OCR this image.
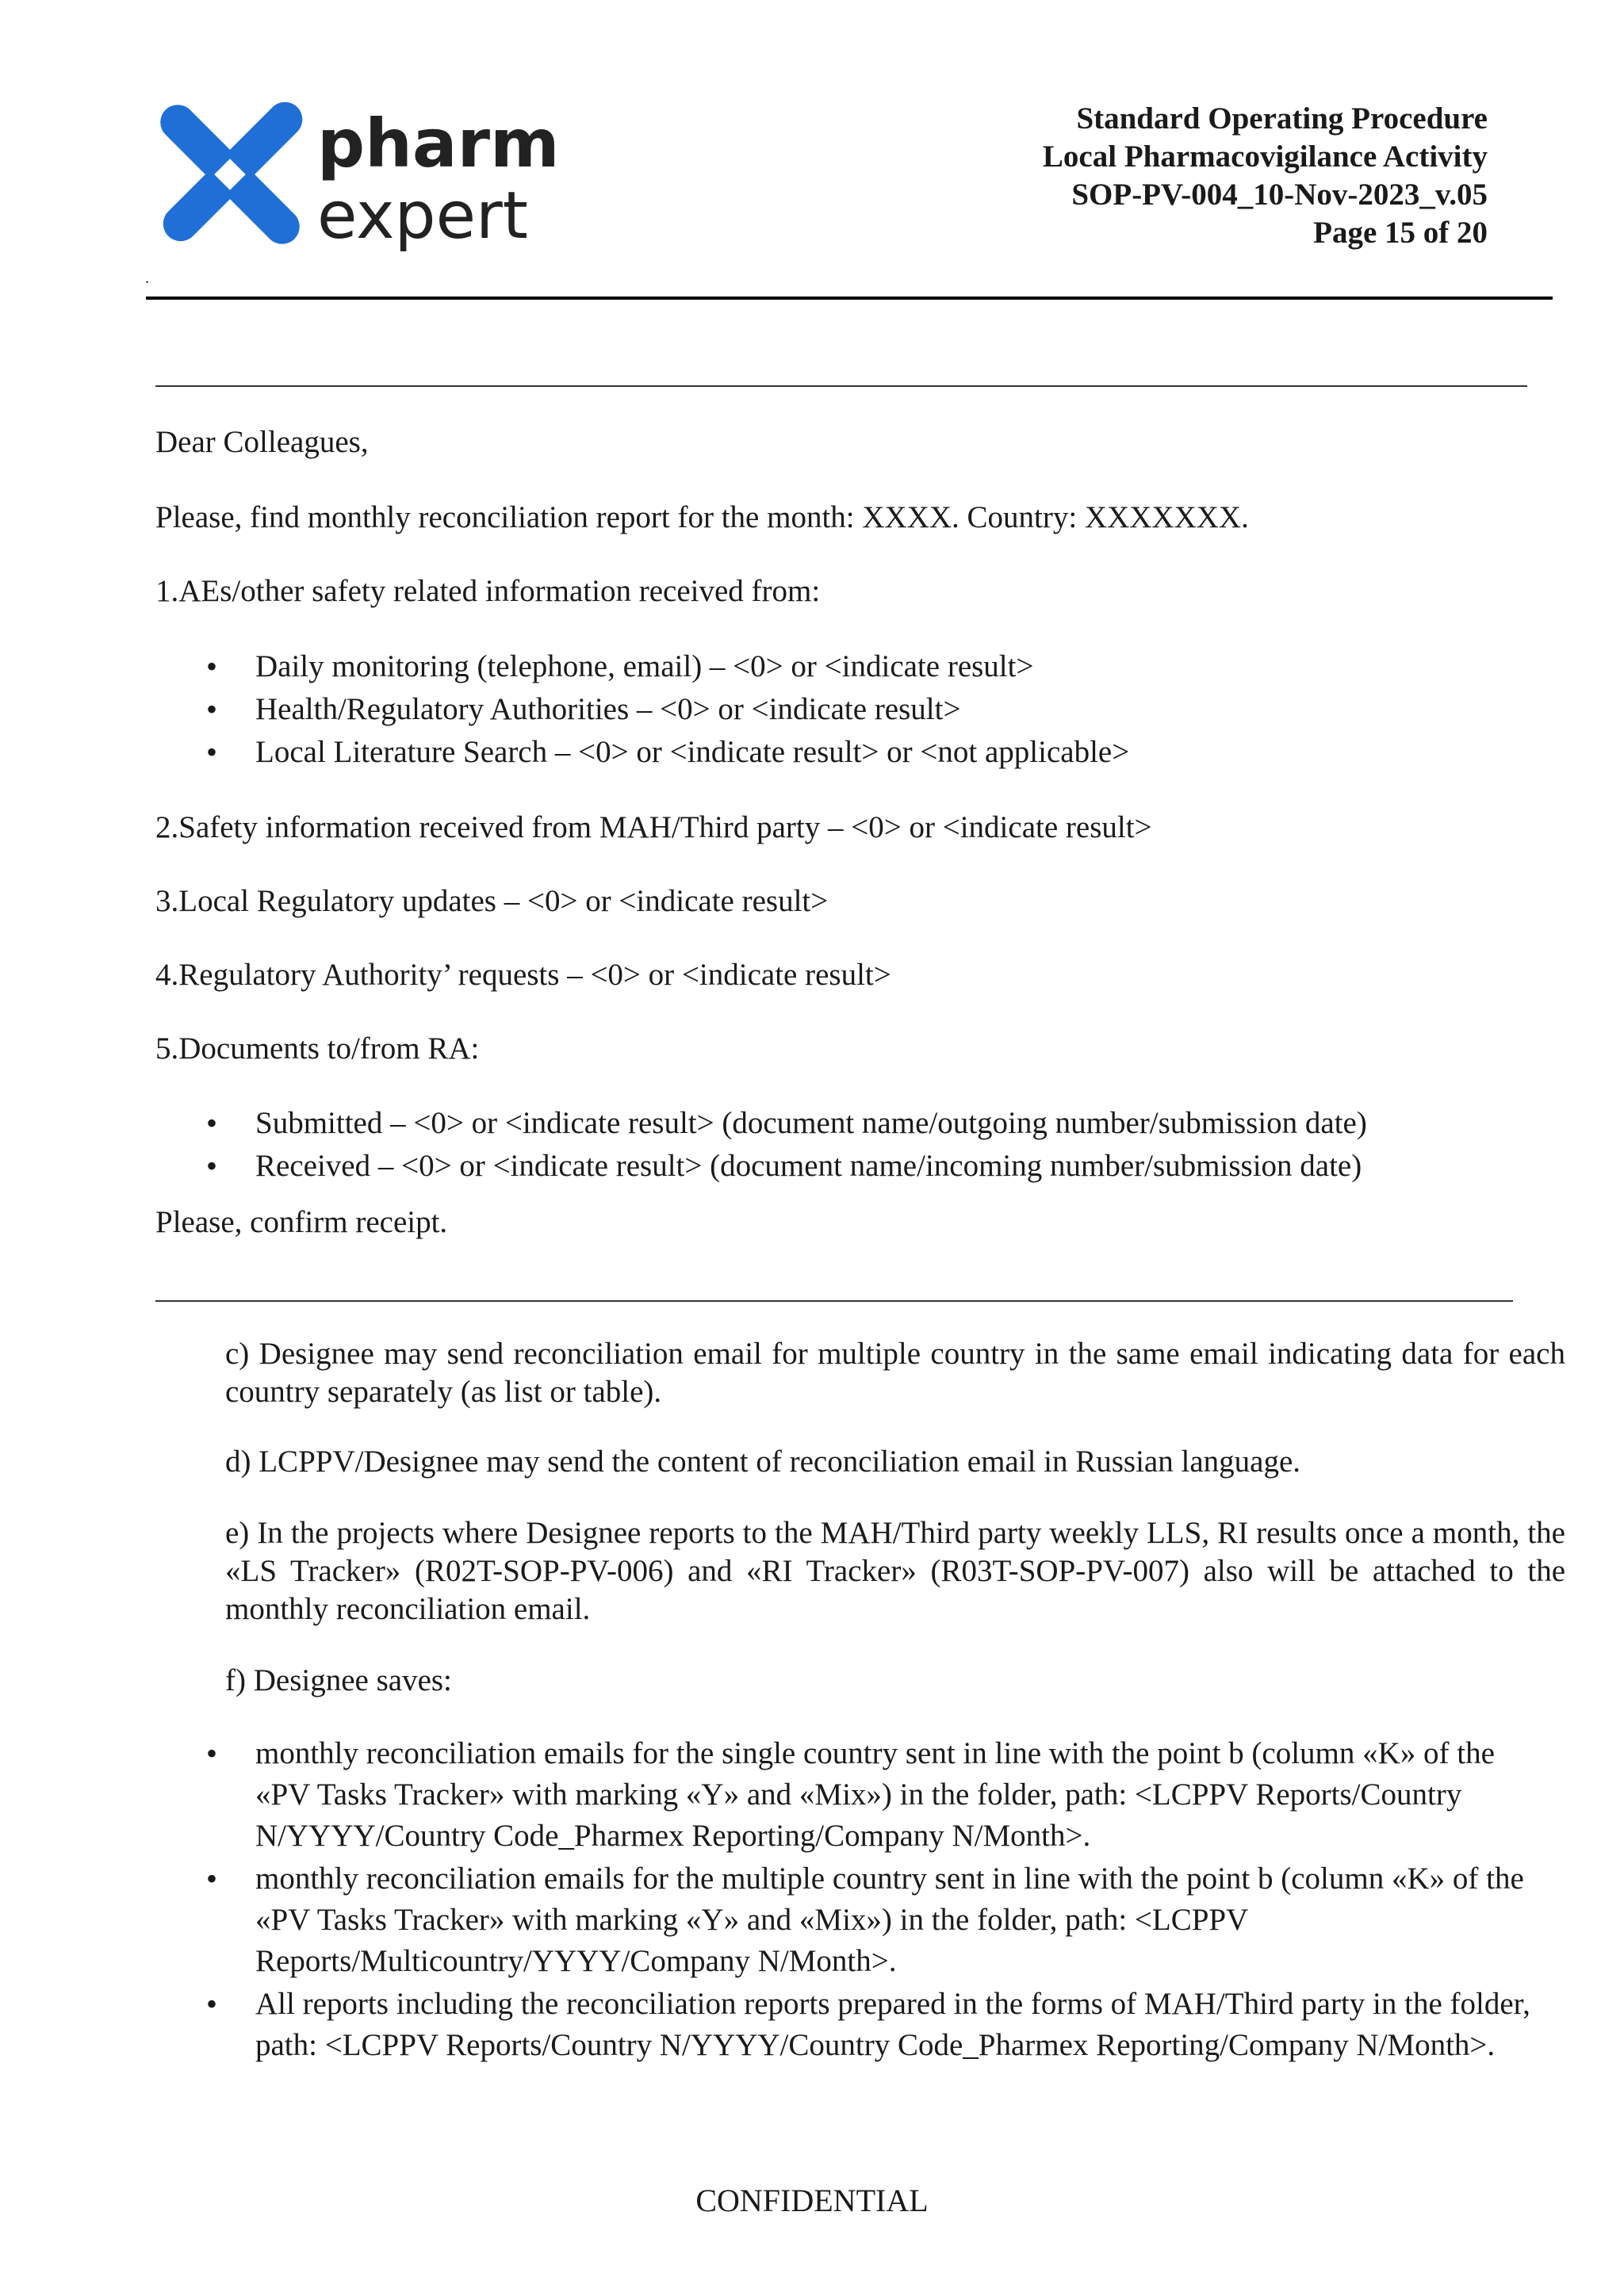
pharm
expert
Standard Operating Procedure
Local Pharmacovigilance Activity
SOP-PV-004_10-Nov-2023_v.05
Page 15 of 20
.
Dear Colleagues,
Please, find monthly reconciliation report for the month: XXXX. Country: XXXXXXX.
1.AEs/other safety related information received from:
• Daily monitoring (telephone, email) – <0> or <indicate result>
• Health/Regulatory Authorities – <0> or <indicate result>
• Local Literature Search – <0> or <indicate result> or <not applicable>
2.Safety information received from MAH/Third party – <0> or <indicate result>
3.Local Regulatory updates – <0> or <indicate result>
4.Regulatory Authority’ requests – <0> or <indicate result>
5.Documents to/from RA:
• Submitted – <0> or <indicate result> (document name/outgoing number/submission date)
• Received – <0> or <indicate result> (document name/incoming number/submission date)
Please, confirm receipt.
c) Designee may send reconciliation email for multiple country in the same email indicating data for each country separately (as list or table).
d) LCPPV/Designee may send the content of reconciliation email in Russian language.
e) In the projects where Designee reports to the MAH/Third party weekly LLS, RI results once a month, the «LS Tracker» (R02T-SOP-PV-006) and «RI Tracker» (R03T-SOP-PV-007) also will be attached to the monthly reconciliation email.
f) Designee saves:
• monthly reconciliation emails for the single country sent in line with the point b (column «K» of the «PV Tasks Tracker» with marking «Y» and «Mix») in the folder, path: <LCPPV Reports/Country N/YYYY/Country Code_Pharmex Reporting/Company N/Month>.
• monthly reconciliation emails for the multiple country sent in line with the point b (column «K» of the «PV Tasks Tracker» with marking «Y» and «Mix») in the folder, path: <LCPPV Reports/Multicountry/YYYY/Company N/Month>.
• All reports including the reconciliation reports prepared in the forms of MAH/Third party in the folder, path: <LCPPV Reports/Country N/YYYY/Country Code_Pharmex Reporting/Company N/Month>.
CONFIDENTIAL
